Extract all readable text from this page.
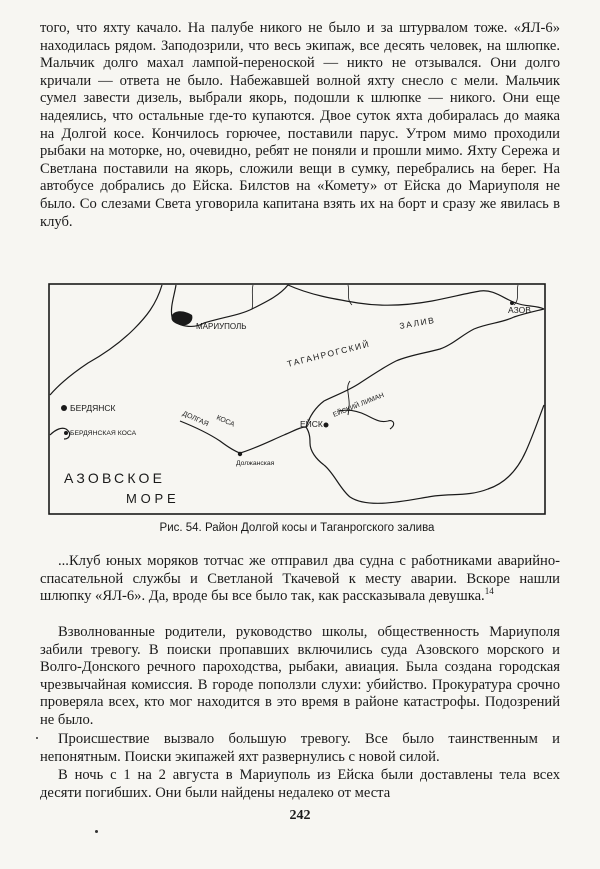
того, что яхту качало. На палубе никого не было и за штурвалом тоже. «ЯЛ-6» находилась рядом. Заподозрили, что весь экипаж, все десять человек, на шлюпке. Мальчик долго махал лампой-переноской — никто не отзывался. Они долго кричали — ответа не было. Набежавшей волной яхту снесло с мели. Мальчик сумел завести дизель, выбрали якорь, подошли к шлюпке — никого. Они еще надеялись, что остальные где-то купаются. Двое суток яхта добиралась до маяка на Долгой косе. Кончилось горючее, поставили парус. Утром мимо проходили рыбаки на моторке, но, очевидно, ребят не поняли и прошли мимо. Яхту Сережа и Светлана поставили на якорь, сложили вещи в сумку, перебрались на берег. На автобусе добрались до Ейска. Билстов на «Комету» от Ейска до Мариуполя не было. Со слезами Света уговорила капитана взять их на борт и сразу же явилась в клуб.

МАРИУПОЛЬ
ТАГАНРОГСКИЙ
ЗАЛИВ
АЗОВ
БЕРДЯНСК
БЕРДЯНСКАЯ КОСА
ДОЛГАЯ КОСА
Должанская
ЕЙСК
ЕЙСКИЙ ЛИМАН
АЗОВСКОЕ
МОРЕ
Рис. 54. Район Долгой косы и Таганрогского залива

...Клуб юных моряков тотчас же отправил два судна с работниками аварийно-спасательной службы и Светланой Ткачевой к месту аварии. Вскоре нашли шлюпку «ЯЛ-6». Да, вроде бы все было так, как рассказывала девушка.$^{14}$

Взволнованные родители, руководство школы, общественность Мариуполя забили тревогу. В поиски пропавших включились суда Азовского морского и Волго-Донского речного пароходства, рыбаки, авиация. Была создана городская чрезвычайная комиссия. В городе поползли слухи: убийство. Прокуратура срочно проверяла всех, кто мог находится в это время в районе катастрофы. Подозрений не было.

Происшествие вызвало большую тревогу. Все было таинственным и непонятным. Поиски экипажей яхт развернулись с новой силой.

В ночь с 1 на 2 августа в Мариуполь из Ейска были доставлены тела всех десяти погибших. Они были найдены недалеко от места

242
